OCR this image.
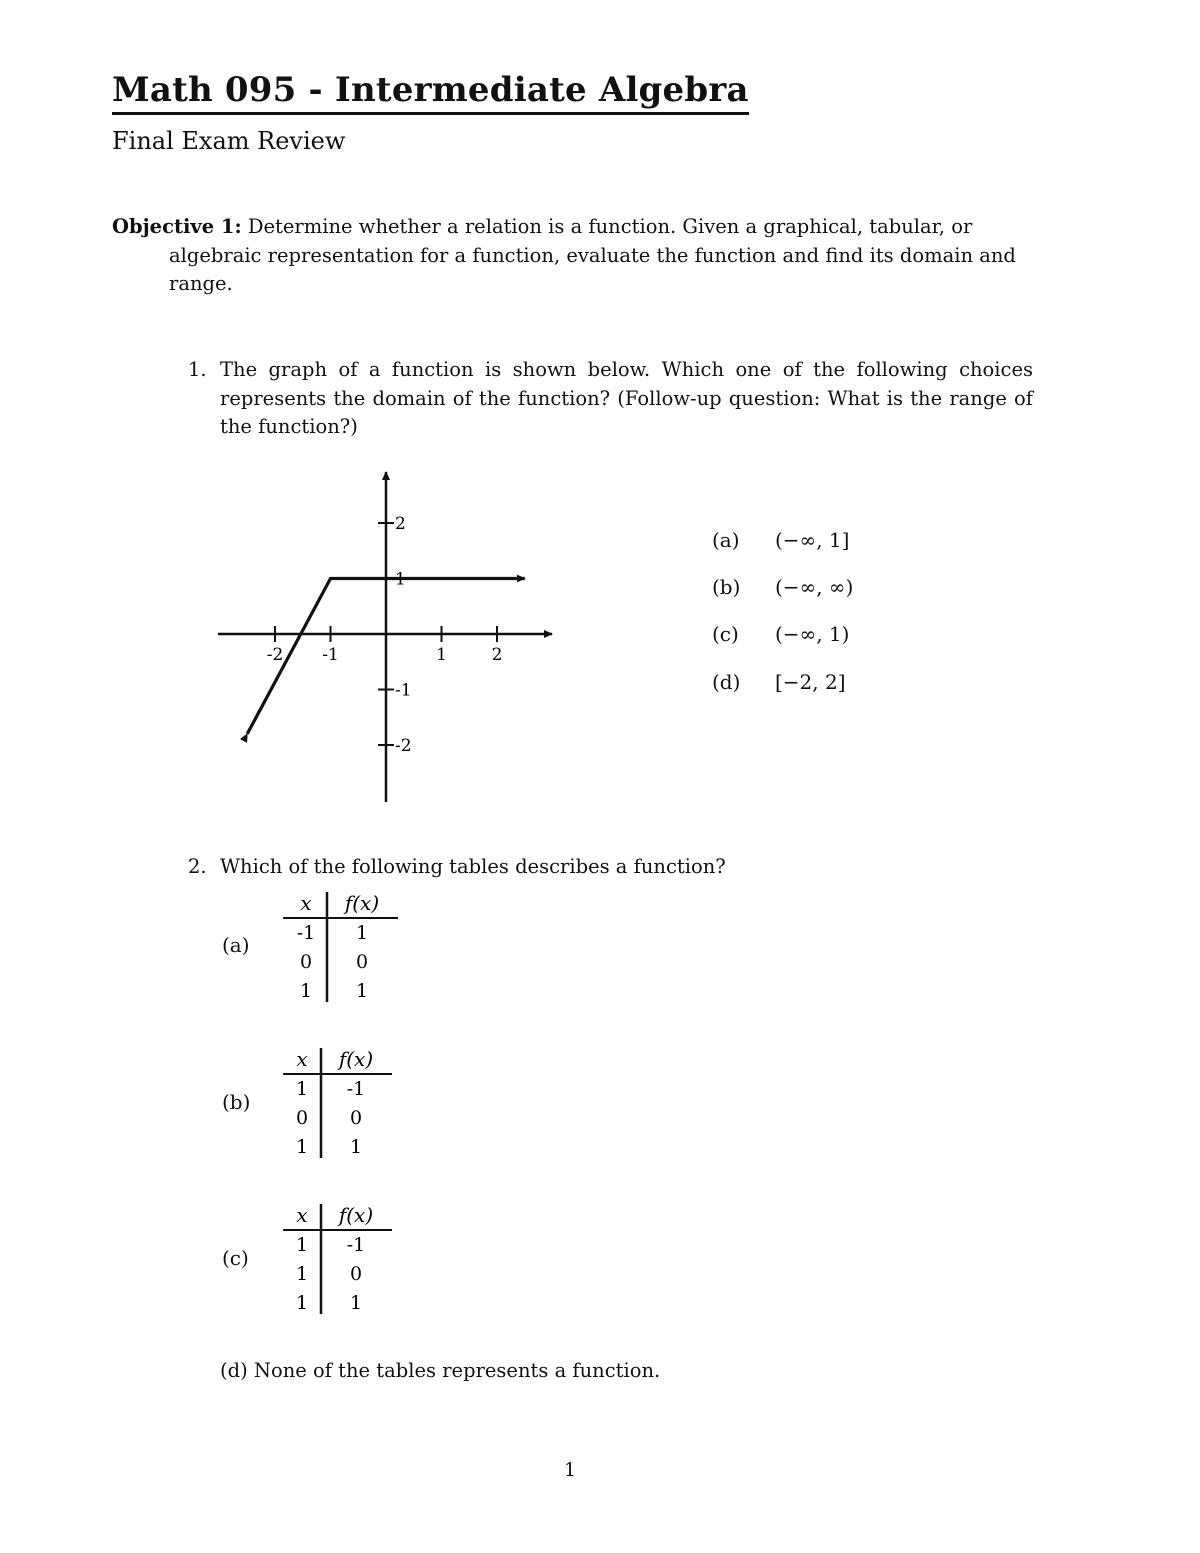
Math 095 - Intermediate Algebra
Final Exam Review
Objective 1: Determine whether a relation is a function. Given a graphical, tabular, or
algebraic representation for a function, evaluate the function and find its domain and range.
1. The graph of a function is shown below. Which one of the following choices represents the domain of the function? (Follow-up question: What is the range of the function?)
-2 -1	1	2
2
1
-1
-2
(a) (−∞, 1]
(b) (−∞, ∞)
(c) (−∞, 1)
(d) [−2, 2]
2. Which of the following tables describes a function?
(a)
x f(x)
-1 1
0 0
1 1
(b)
x f(x)
1 -1
0 0
1 1
(c)
x f(x)
1 -1
1 0
1 1
(d) None of the tables represents a function.
1
